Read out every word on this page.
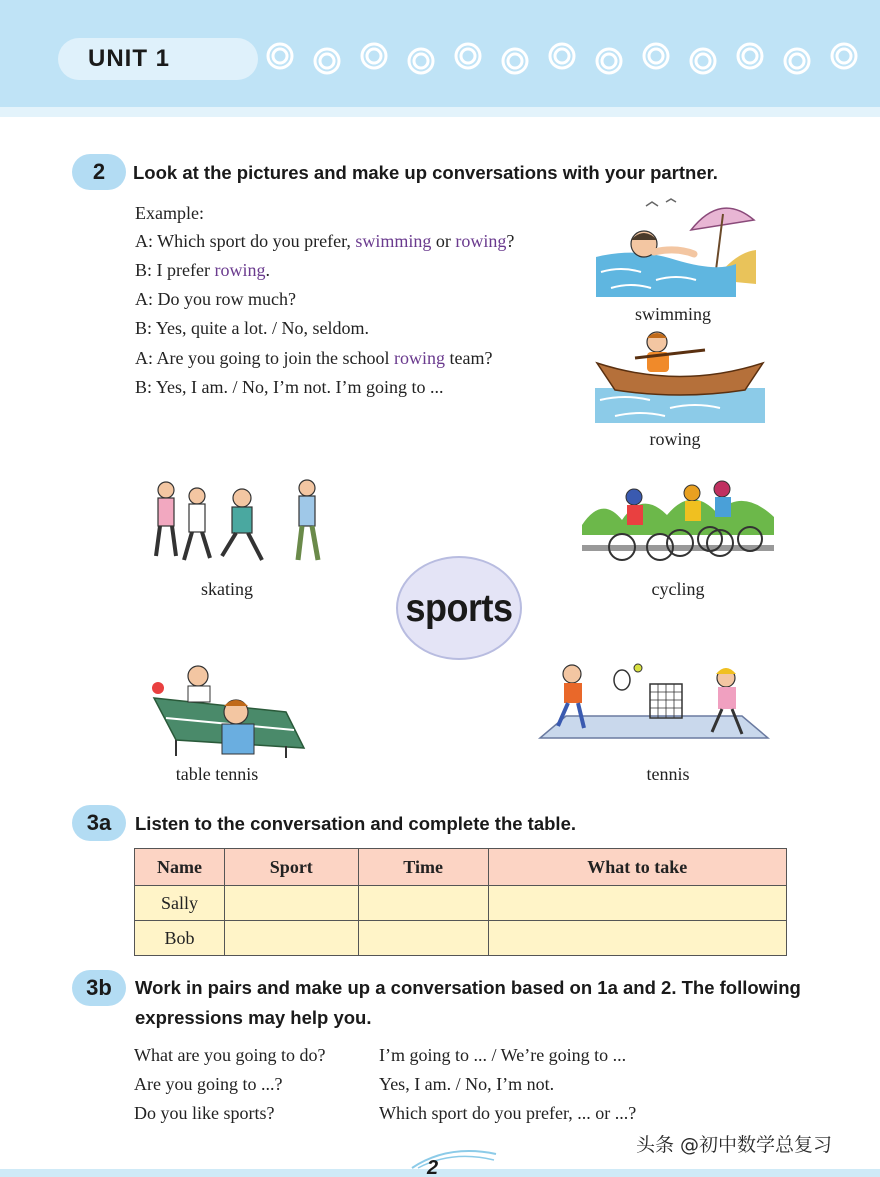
UNIT 1
2	Look at the pictures and make up conversations with your partner.
Example:
A: Which sport do you prefer, swimming or rowing?
B: I prefer rowing.
A: Do you row much?
B: Yes, quite a lot. / No, seldom.
A: Are you going to join the school rowing team?
B: Yes, I am. / No, I’m not. I’m going to ...
swimming
rowing
skating	cycling
sports
table tennis	tennis
3a	Listen to the conversation and complete the table.
Name	Sport	Time	What to take
Sally			
Bob			
3b	Work in pairs and make up a conversation based on 1a and 2. The following
expressions may help you.
What are you going to do?	I’m going to ... / We’re going to ...
Are you going to ...?	Yes, I am. / No, I’m not.
Do you like sports?	Which sport do you prefer, ... or ...?
2
头条 @初中数学总复习
